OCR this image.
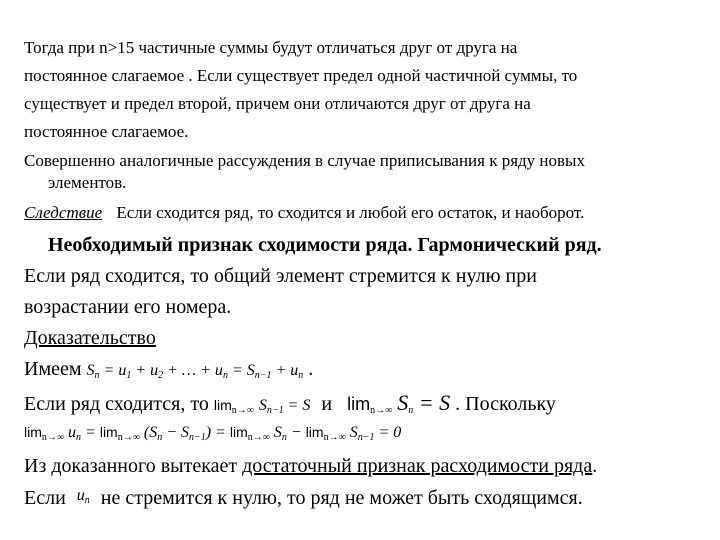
Тогда при n>15 частичные суммы будут отличаться друг от друга на
постоянное слагаемое . Если существует предел одной частичной суммы, то
существует и предел второй, причем они отличаются друг от друга на
постоянное слагаемое.
Совершенно аналогичные рассуждения в случае приписывания к ряду новых
элементов.
Следствие Если сходится ряд, то сходится и любой его остаток, и наоборот.
Необходимый признак сходимости ряда. Гармонический ряд.
Если ряд сходится, то общий элемент стремится к нулю при
возрастании его номера.
Доказательство
Имеем $S_n = u_1 + u_2$ + … + $u_n = S_{n-1} + u_n$ .
Если ряд сходится, то limn→∞ $S_{n-1} = S$ и limn→∞ $S_n = S$ . Поскольку
limn→∞ $u_n = \lim n\to\infty$ $(S_n - S_{n-1}) = \lim n\to\infty$ $S_n - \lim n\to\infty$ $S_{n-1} = 0$
Из доказанного вытекает достаточный признак расходимости ряда.
Если $^{u_n}$ не стремится к нулю, то ряд не может быть сходящимся.
